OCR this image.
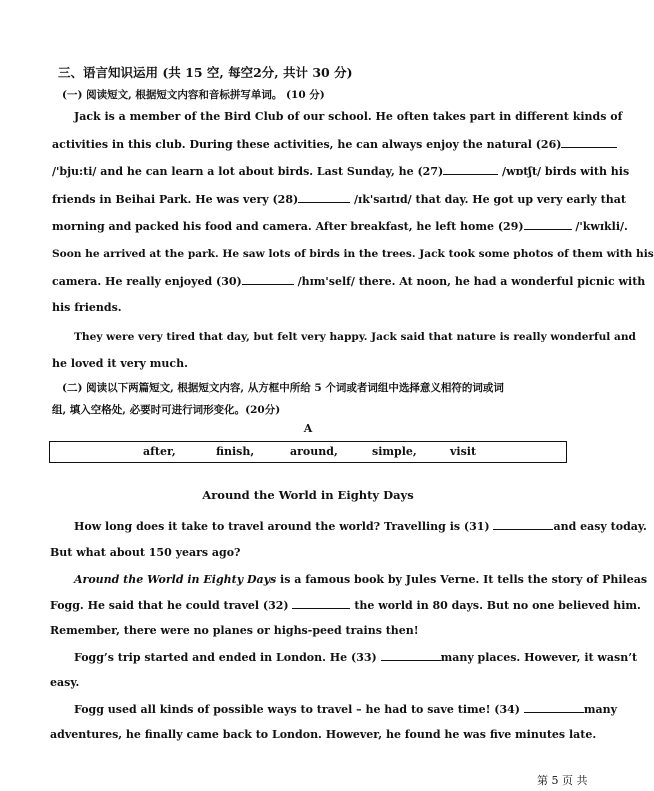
三、语言知识运用 (共 15 空, 每空2分, 共计 30 分)
(一) 阅读短文, 根据短文内容和音标拼写单词。 (10 分)
Jack is a member of the Bird Club of our school. He often takes part in different kinds of
activities in this club. During these activities, he can always enjoy the natural (26)
/'bju:ti/ and he can learn a lot about birds. Last Sunday, he (27)	/wɒtʃt/ birds with his
friends in Beihai Park. He was very (28)	/ɪk'saɪtɪd/ that day. He got up very early that
morning and packed his food and camera. After breakfast, he left home (29)	/'kwɪkli/.
Soon he arrived at the park. He saw lots of birds in the trees. Jack took some photos of them with his
camera. He really enjoyed (30)	/hɪm'self/ there. At noon, he had a wonderful picnic with
his friends.
They were very tired that day, but felt very happy. Jack said that nature is really wonderful and
he loved it very much.
(二) 阅读以下两篇短文, 根据短文内容, 从方框中所给 5 个词或者词组中选择意义相符的词或词
组, 填入空格处, 必要时可进行词形变化。(20分)
A
after,	finish,	around,	simple,	visit
Around the World in Eighty Days
How long does it take to travel around the world? Travelling is (31)	and easy today.
But what about 150 years ago?
Around the World in Eighty Days is a famous book by Jules Verne. It tells the story of Phileas
Fogg. He said that he could travel (32)	the world in 80 days. But no one believed him.
Remember, there were no planes or highs-peed trains then!
Fogg’s trip started and ended in London. He (33)	many places. However, it wasn’t
easy.
Fogg used all kinds of possible ways to travel – he had to save time! (34)	many
adventures, he finally came back to London. However, he found he was five minutes late.
第 5 页 共
